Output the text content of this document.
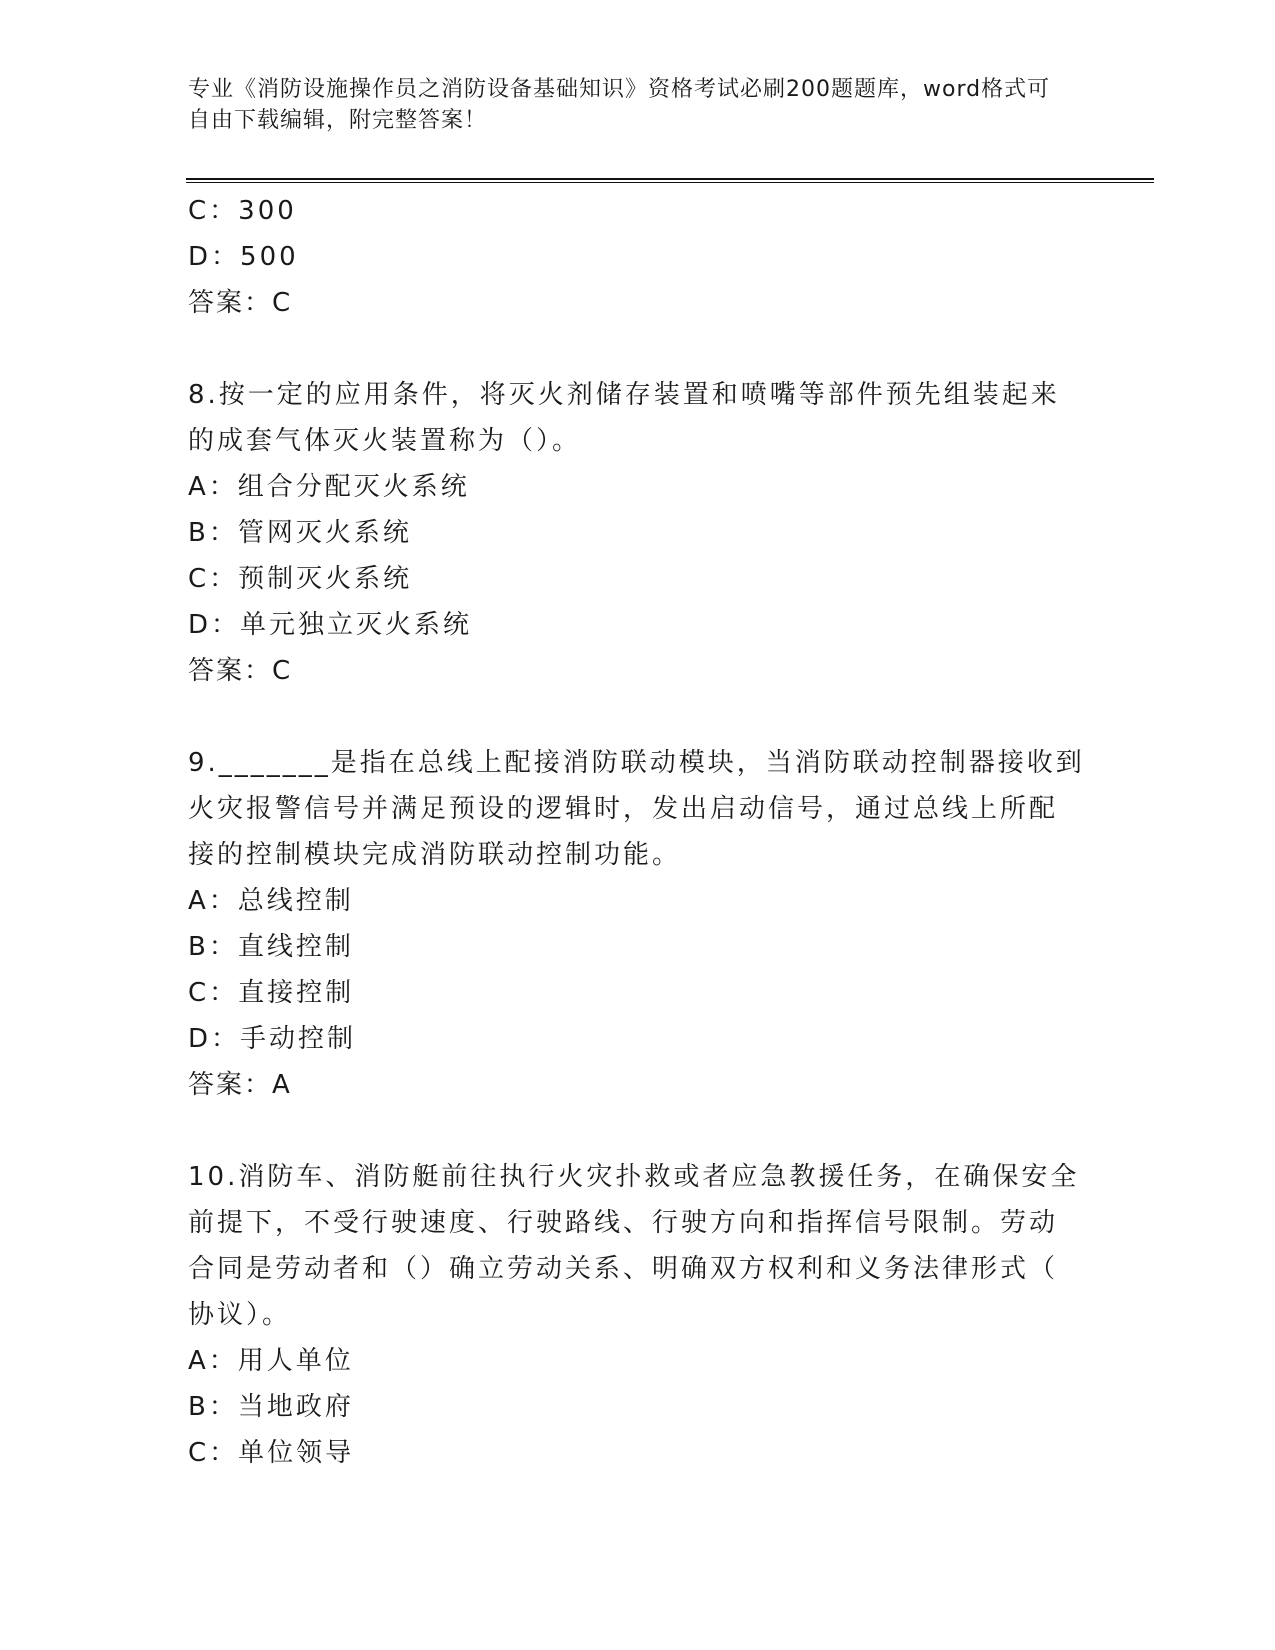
专业《消防设施操作员之消防设备基础知识》资格考试必刷200题题库，word格式可自由下载编辑，附完整答案！
C：300
D：500
答案：C
8.按一定的应用条件，将灭火剂储存装置和喷嘴等部件预先组装起来
的成套气体灭火装置称为（）。
A：组合分配灭火系统
B：管网灭火系统
C：预制灭火系统
D：单元独立灭火系统
答案：C
9._______是指在总线上配接消防联动模块，当消防联动控制器接收到
火灾报警信号并满足预设的逻辑时，发出启动信号，通过总线上所配
接的控制模块完成消防联动控制功能。
A：总线控制
B：直线控制
C：直接控制
D：手动控制
答案：A
10.消防车、消防艇前往执行火灾扑救或者应急教援任务，在确保安全
前提下，不受行驶速度、行驶路线、行驶方向和指挥信号限制。劳动
合同是劳动者和（）确立劳动关系、明确双方权利和义务法律形式（
协议）。
A：用人单位
B：当地政府
C：单位领导
